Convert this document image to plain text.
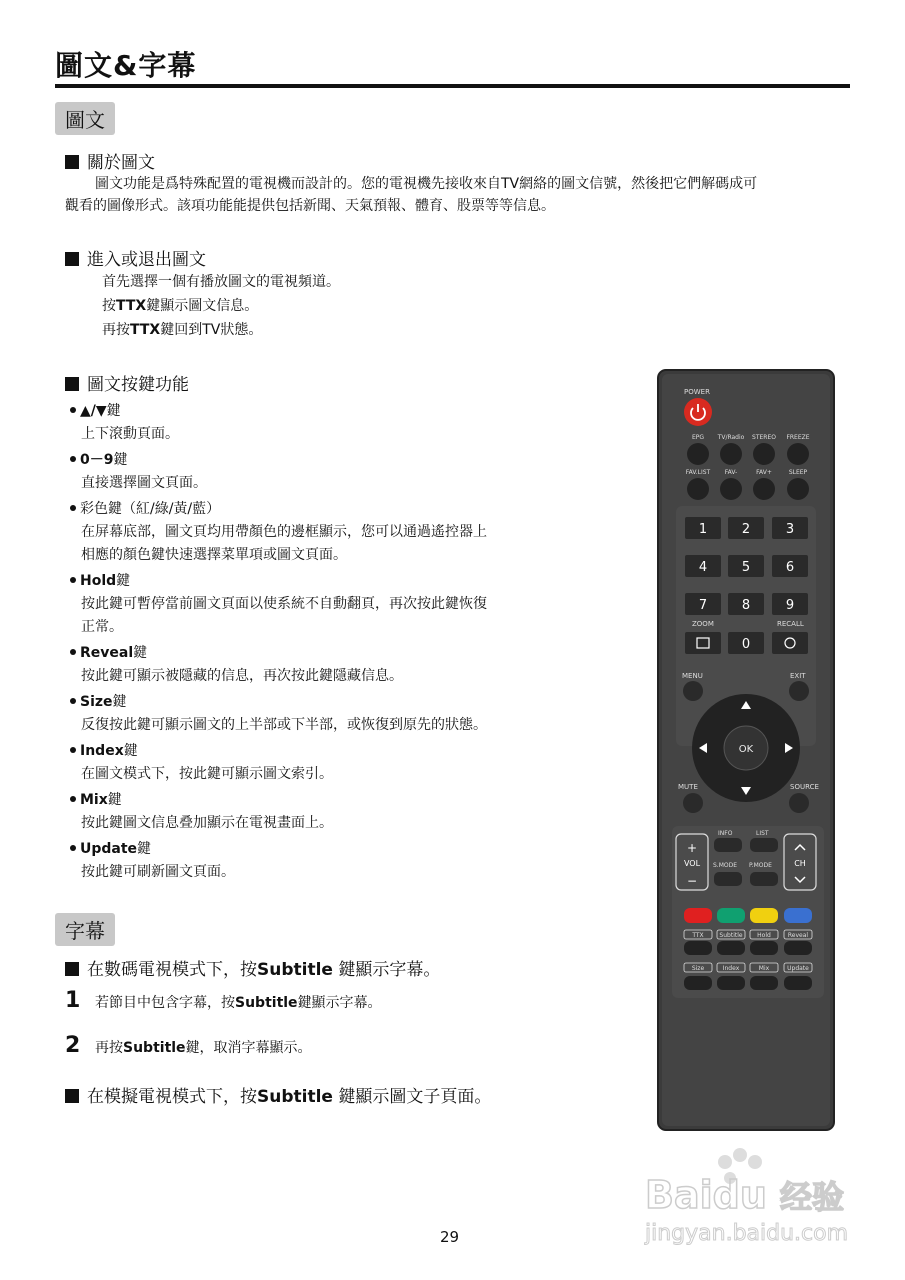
圖文&字幕
圖文
關於圖文
圖文功能是爲特殊配置的電視機而設計的。您的電視機先接收來自TV網絡的圖文信號，然後把它們解碼成可
觀看的圖像形式。該項功能能提供包括新聞、天氣預報、體育、股票等等信息。
進入或退出圖文
首先選擇一個有播放圖文的電視頻道。
按TTX鍵顯示圖文信息。
再按TTX鍵回到TV狀態。
圖文按鍵功能
▲/▼鍵
上下滾動頁面。
0－9鍵
直接選擇圖文頁面。
彩色鍵（紅/綠/黃/藍）
在屏幕底部，圖文頁均用帶顏色的邊框顯示，您可以通過遙控器上
相應的顏色鍵快速選擇菜單項或圖文頁面。
Hold鍵
按此鍵可暫停當前圖文頁面以使系統不自動翻頁，再次按此鍵恢復
正常。
Reveal鍵
按此鍵可顯示被隱藏的信息，再次按此鍵隱藏信息。
Size鍵
反復按此鍵可顯示圖文的上半部或下半部，或恢復到原先的狀態。
Index鍵
在圖文模式下，按此鍵可顯示圖文索引。
Mix鍵
按此鍵圖文信息叠加顯示在電視畫面上。
Update鍵
按此鍵可刷新圖文頁面。
字幕
在數碼電視模式下，按Subtitle 鍵顯示字幕。
1 若節目中包含字幕，按Subtitle鍵顯示字幕。
2 再按Subtitle鍵，取消字幕顯示。
在模擬電視模式下，按Subtitle 鍵顯示圖文子頁面。
POWER
EPG TV/Radio STEREO FREEZE
FAV.LIST FAV-	FAV+	SLEEP
1	2	3
4	5	6
7	8	9
0
ZOOM	RECALL
MENU	EXIT
OK
MUTE	SOURCE
+
VOL
−
CH
INFO	LIST
S.MODE P.MODE
TTX	Subtitle Hold	Reveal
Size	Index	Mix	Update
29
Baidu 经验
jingyan.baidu.com
